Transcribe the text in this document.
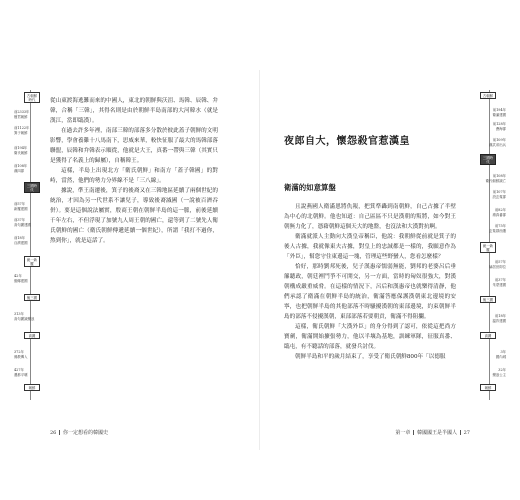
古朝鮮時代
前2333年
檀君朝鮮
前1122年
箕子朝鮮
前194年
衛氏朝鮮
前108年
漢四郡
三國時代
前57年
新羅建國
前37年
高句麗建國
前18年
百濟建國
統一新羅
42年
伽倻建國
後三國
313年
高句麗滅樂浪
高麗
372年
佛教傳入
427年
遷都平壤
朝鮮

從山東渡海逃難而來的中國人，東北的朝鮮與沃沮、馬韓、辰韓、弁韓，合稱「三韓」，其得名則是由於朝鮮半島南部的大河韓水（就是漢江，當即臨漢）。

在過去許多年裡，南部三韓的部落多分散於彼此蓋子朝鮮的文明影響，學會養雞十八馬南下，思威來華，較快征服了最大的馬韓部落聯盟，辰韓和弁韓表示順從，他就是大王，真番一帶與三韓（其實只是獲得了名義上的歸屬），自稱韓王。

這樣，半島上出現北方「衛氏朝鮮」和南方「蓋子韓國」的對峙，當然，他們的勢力分界線不是「三八線」。

據說，準王南遷後，箕子的後裔又在三韓地區延續了兩個世紀的統治，才因為另一代世系不讓兒子，導致後裔滅國（一說被百濟吞併）。要是這個說法屬實，殷商王朝在朝鮮半島的這一脈，前後延續千年左右，不但浮現了加號九人周王朝的國亡，還等到了二號先人衛氏朝鮮的國亡（衛氏朝鮮傳遞延續一個世紀），所謂「我打不過你，熬到你」，就是這話了。

26 你一定想看的韓國史
夜郎自大，懷怨殺官惹漢皇
衛滿的如意算盤

且說燕國人衛滿恩將仇報，把箕準轟到南朝鮮，自己占據了半壁為中心的北朝鮮。他也知道：自己區區不只是漢朝的叛將，如今對王朝無力化了，憑藉朝鮮這個天大的地盤，也沒法和大漢對抗啊。

衛滿就派人主動向大漢皇帝稱臣，他說：我朝鮮從前就是箕子的後人古據，我就像東夫古據，對皇上的忠誠都是一樣的，我願意作為「外臣」，幫您守住東邊這一塊，管理這些野蠻人，您看怎麼樣？

恰好，那時劉邦死後，兒子漢惠帝懦弱無能，劉邦的老婆呂后垂簾聽政，朝廷裡鬥爭不可開交，另一方面，當時的匈奴很強大，對漢朝構成嚴重威脅。在這樣的情況下，呂后和漢惠帝也就樂得清靜，他們承認了衛滿在朝鮮半島的統治，衛滿答應保護漢朝東北邊境的安寧，也把朝鮮半島的其他部落不時騷擾漢朝的東部邊境，約束朝鮮半島的部落不侵擾漢朝，東部部落若要朝貢，衛滿不得阻攔。

這樣，衛氏朝鮮「大漢外臣」的身分得到了認可，依從這把尚方寶劍，衛滿開始擴張勢力，他以半壤為基地，訓練軍隊，征服真番、臨屯，有不聽話的部落，就發兵討伐。

朝鮮半島和平的歲月結束了，享受了衛氏朝鮮800年「以德服

古朝鮮
前194年
衛滿建國
前128年
蒼海郡
前109年
漢武帝出兵
三國時代
前108年
衛氏朝鮮滅亡
前107年
設玄菟郡
前82年
廢真番郡
前75年
玄菟郡西遷
統一新羅
前57年
赫居世即位
前37年
朱蒙建國
後三國
前18年
溫祚建國
高麗
3年
國內城
32年
樂浪公主
朝鮮
第一章 韓國國王是半國人 27
